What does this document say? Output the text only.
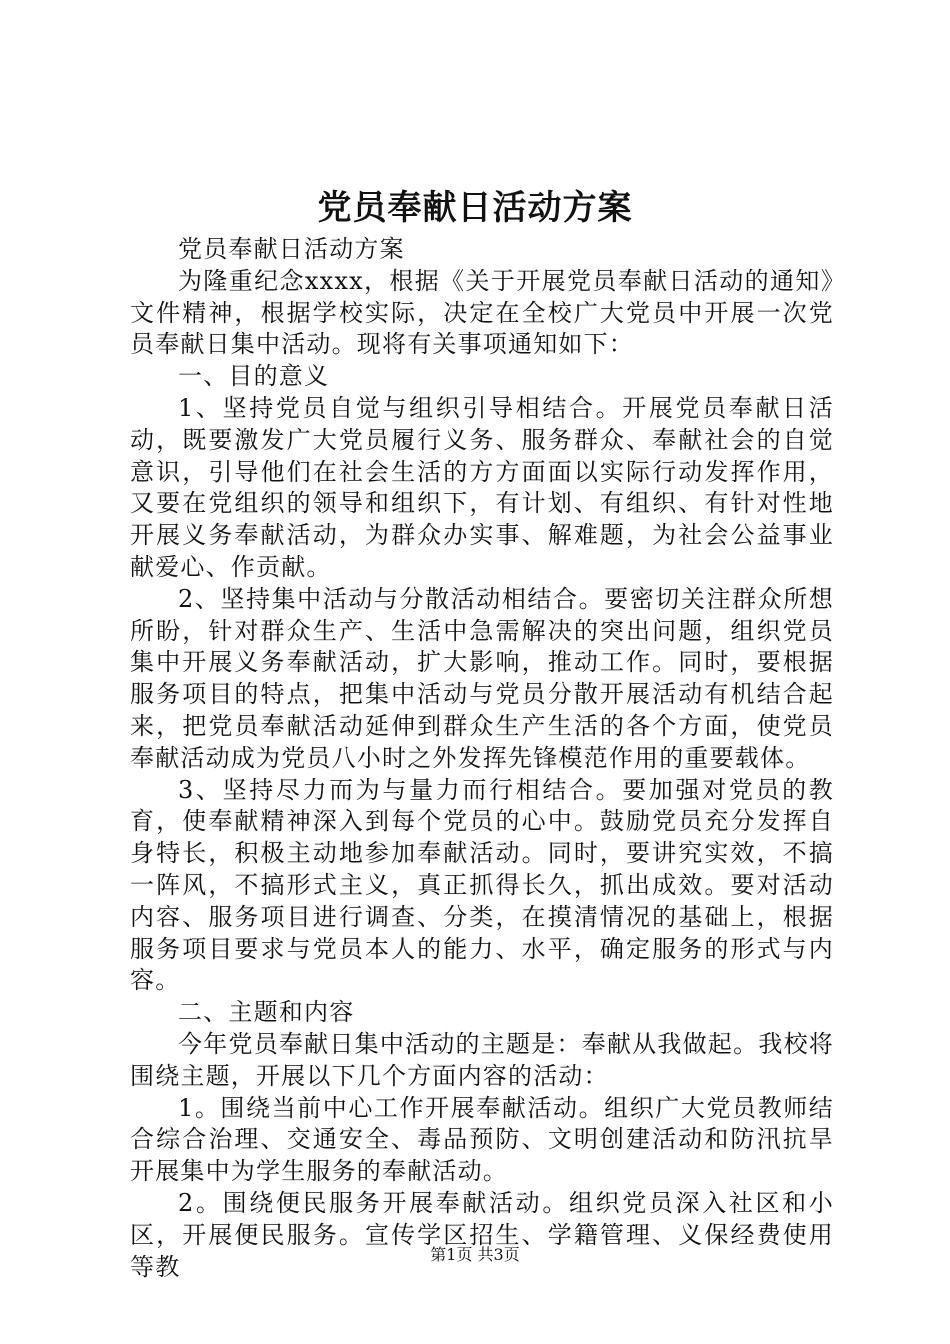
党员奉献日活动方案

党员奉献日活动方案

为隆重纪念xxxx，根据《关于开展党员奉献日活动的通知》文件精神，根据学校实际，决定在全校广大党员中开展一次党员奉献日集中活动。现将有关事项通知如下：

一、目的意义

1、坚持党员自觉与组织引导相结合。开展党员奉献日活动，既要激发广大党员履行义务、服务群众、奉献社会的自觉意识，引导他们在社会生活的方方面面以实际行动发挥作用，又要在党组织的领导和组织下，有计划、有组织、有针对性地开展义务奉献活动，为群众办实事、解难题，为社会公益事业献爱心、作贡献。

2、坚持集中活动与分散活动相结合。要密切关注群众所想所盼，针对群众生产、生活中急需解决的突出问题，组织党员集中开展义务奉献活动，扩大影响，推动工作。同时，要根据服务项目的特点，把集中活动与党员分散开展活动有机结合起来，把党员奉献活动延伸到群众生产生活的各个方面，使党员奉献活动成为党员八小时之外发挥先锋模范作用的重要载体。

3、坚持尽力而为与量力而行相结合。要加强对党员的教育，使奉献精神深入到每个党员的心中。鼓励党员充分发挥自身特长，积极主动地参加奉献活动。同时，要讲究实效，不搞一阵风，不搞形式主义，真正抓得长久，抓出成效。要对活动内容、服务项目进行调查、分类，在摸清情况的基础上，根据服务项目要求与党员本人的能力、水平，确定服务的形式与内容。

二、主题和内容

今年党员奉献日集中活动的主题是：奉献从我做起。我校将围绕主题，开展以下几个方面内容的活动：

1。围绕当前中心工作开展奉献活动。组织广大党员教师结合综合治理、交通安全、毒品预防、文明创建活动和防汛抗旱开展集中为学生服务的奉献活动。

2。围绕便民服务开展奉献活动。组织党员深入社区和小区，开展便民服务。宣传学区招生、学籍管理、义保经费使用等教	第1页 共3页
